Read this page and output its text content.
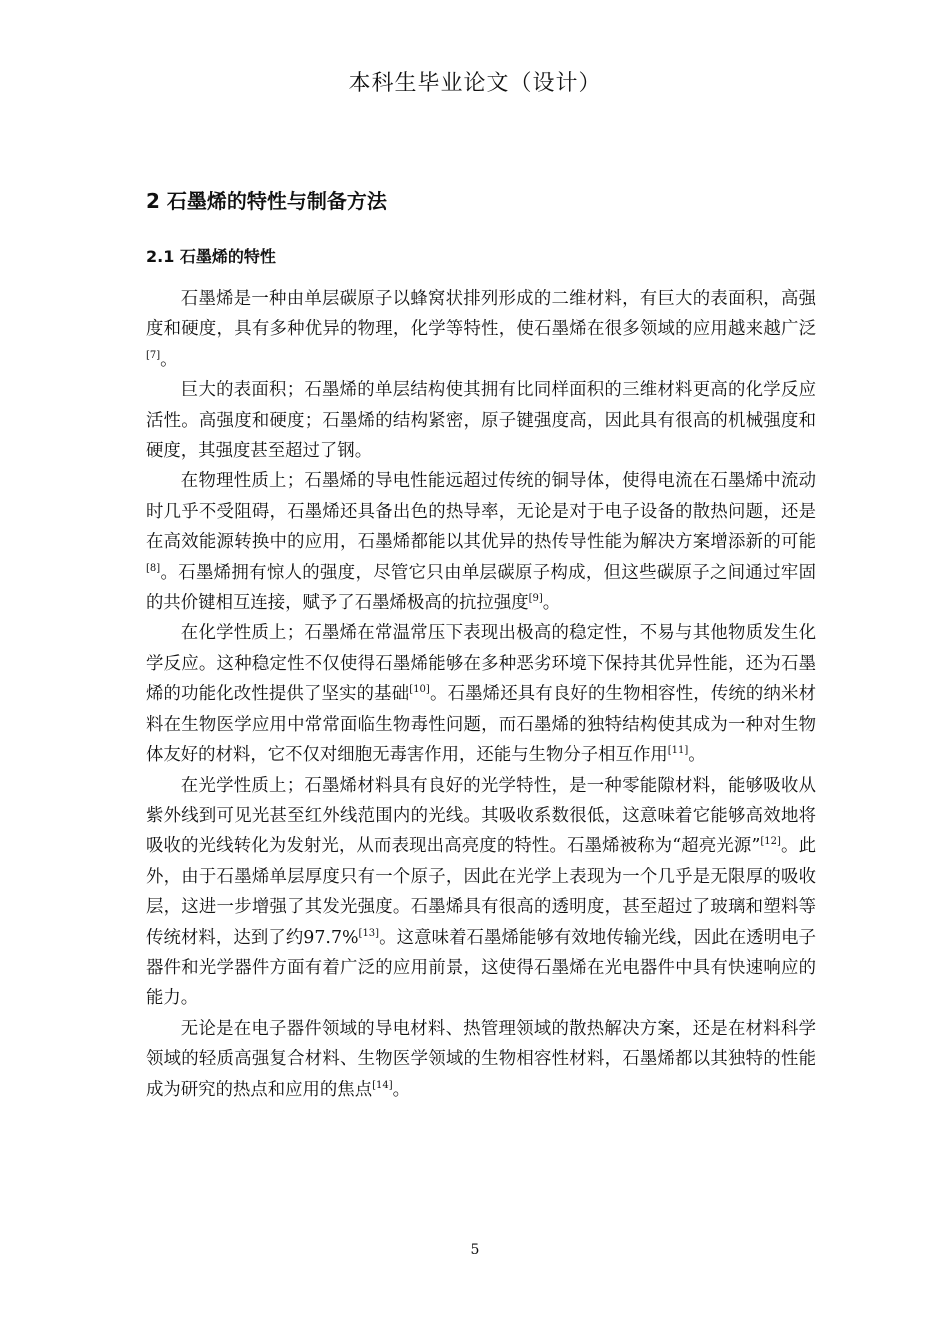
本科生毕业论文（设计）
2 石墨烯的特性与制备方法
2.1 石墨烯的特性

石墨烯是一种由单层碳原子以蜂窝状排列形成的二维材料，有巨大的表面积，高强度和硬度，具有多种优异的物理，化学等特性，使石墨烯在很多领域的应用越来越广泛[7]。

巨大的表面积；石墨烯的单层结构使其拥有比同样面积的三维材料更高的化学反应活性。高强度和硬度；石墨烯的结构紧密，原子键强度高，因此具有很高的机械强度和硬度，其强度甚至超过了钢。

在物理性质上；石墨烯的导电性能远超过传统的铜导体，使得电流在石墨烯中流动时几乎不受阻碍，石墨烯还具备出色的热导率，无论是对于电子设备的散热问题，还是在高效能源转换中的应用，石墨烯都能以其优异的热传导性能为解决方案增添新的可能[8]。石墨烯拥有惊人的强度，尽管它只由单层碳原子构成，但这些碳原子之间通过牢固的共价键相互连接，赋予了石墨烯极高的抗拉强度[9]。

在化学性质上；石墨烯在常温常压下表现出极高的稳定性，不易与其他物质发生化学反应。这种稳定性不仅使得石墨烯能够在多种恶劣环境下保持其优异性能，还为石墨烯的功能化改性提供了坚实的基础[10]。石墨烯还具有良好的生物相容性，传统的纳米材料在生物医学应用中常常面临生物毒性问题，而石墨烯的独特结构使其成为一种对生物体友好的材料，它不仅对细胞无毒害作用，还能与生物分子相互作用[11]。

在光学性质上；石墨烯材料具有良好的光学特性，是一种零能隙材料，能够吸收从紫外线到可见光甚至红外线范围内的光线。其吸收系数很低，这意味着它能够高效地将吸收的光线转化为发射光，从而表现出高亮度的特性。石墨烯被称为“超亮光源”[12]。此外，由于石墨烯单层厚度只有一个原子，因此在光学上表现为一个几乎是无限厚的吸收层，这进一步增强了其发光强度。石墨烯具有很高的透明度，甚至超过了玻璃和塑料等传统材料，达到了约97.7%[13]。这意味着石墨烯能够有效地传输光线，因此在透明电子器件和光学器件方面有着广泛的应用前景，这使得石墨烯在光电器件中具有快速响应的能力。

无论是在电子器件领域的导电材料、热管理领域的散热解决方案，还是在材料科学领域的轻质高强复合材料、生物医学领域的生物相容性材料，石墨烯都以其独特的性能成为研究的热点和应用的焦点[14]。

5
